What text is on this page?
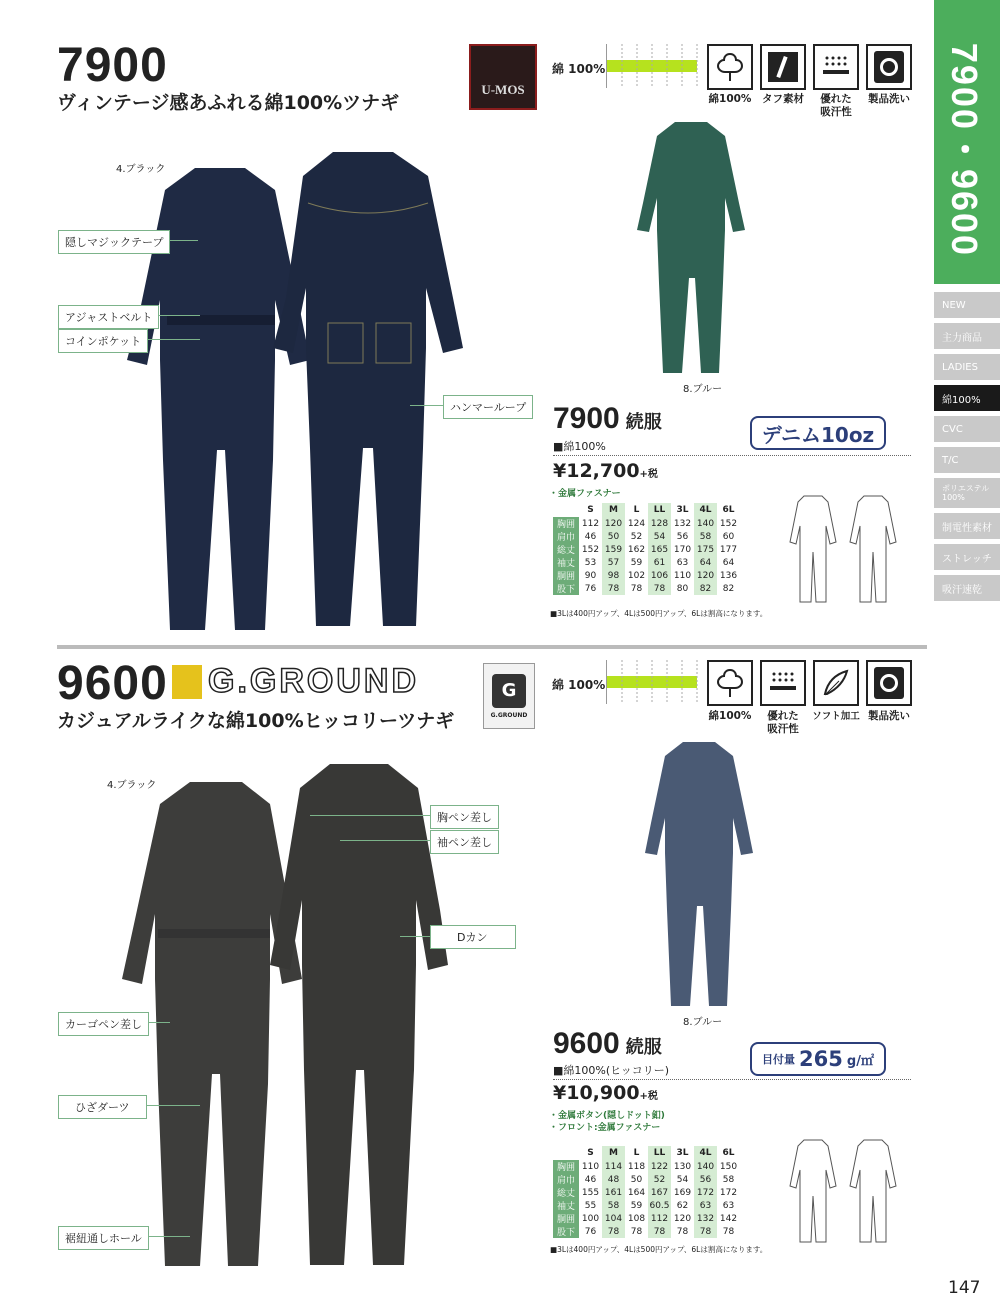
7900・9600
NEW
主力商品
LADIES
綿100%
CVC
T/C
ポリエステル100%
制電性素材
ストレッチ
吸汗速乾
7900
ヴィンテージ感あふれる綿100%ツナギ
U-MOS
綿 100%
綿100%	タフ素材	優れた
吸汗性
製品洗い
4.ブラック
8.ブルー
隠しマジックテープ
アジャストベルト
コインポケット
ハンマーループ 7900 続服
■綿100%	デニム10oz
¥12,700+税
・金属ファスナー
	S	M	L	LL	3L	4L	6L
胸囲	112	120	124	128	132	140	152
肩巾	46	50	52	54	56	58	60
総丈	152	159	162	165	170	175	177
袖丈	53	57	59	61	63	64	64
胴囲	90	98	102	106	110	120	136
股下	76	78	78	78	80	82	82
■3Lは400円アップ、4Lは500円アップ、6Lは割高になります。
9600 G.GROUND
カジュアルライクな綿100%ヒッコリーツナギ
G
G.GROUND
綿 100%
綿100%	優れた
吸汗性
ソフト加工 製品洗い
4.ブラック
8.ブルー
胸ペン差し
袖ペン差し
Dカン
カーゴペン差し
ひざダーツ
裾紐通しホール
9600 続服
■綿100%(ヒッコリー)
目付量 265 g/㎡
¥10,900+税
・金属ボタン(隠しドット釦)
・フロント:金属ファスナー
	S	M	L	LL	3L	4L	6L
胸囲	110	114	118	122	130	140	150
肩巾	46	48	50	52	54	56	58
総丈	155	161	164	167	169	172	172
袖丈	55	58	59	60.5	62	63	63
胴囲	100	104	108	112	120	132	142
股下	76	78	78	78	78	78	78
■3Lは400円アップ、4Lは500円アップ、6Lは割高になります。
147
